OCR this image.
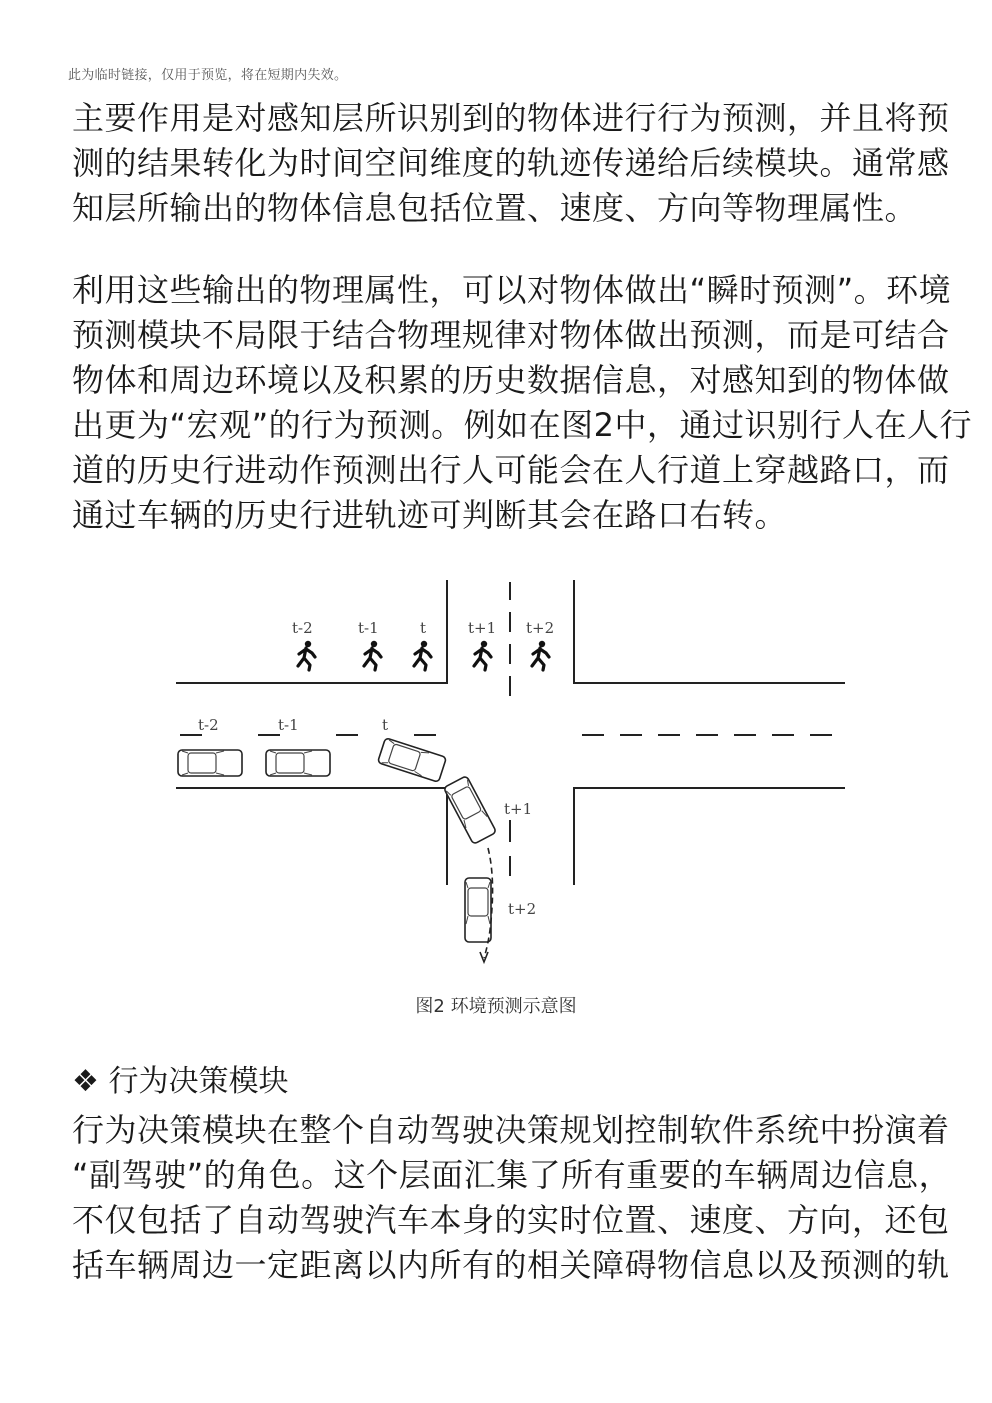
此为临时链接，仅用于预览，将在短期内失效。
主要作用是对感知层所识别到的物体进行行为预测，并且将预
测的结果转化为时间空间维度的轨迹传递给后续模块。通常感
知层所输出的物体信息包括位置、速度、方向等物理属性。
利用这些输出的物理属性，可以对物体做出“瞬时预测”。环境
预测模块不局限于结合物理规律对物体做出预测，而是可结合
物体和周边环境以及积累的历史数据信息，对感知到的物体做
出更为“宏观”的行为预测。例如在图2中，通过识别行人在人行
道的历史行进动作预测出行人可能会在人行道上穿越路口，而
通过车辆的历史行进轨迹可判断其会在路口右转。
t-2	t-1	t	t+1 t+2
t-2	t-1	t
t+1
t+2
图2 环境预测示意图
❖ 行为决策模块
行为决策模块在整个自动驾驶决策规划控制软件系统中扮演着
“副驾驶”的角色。这个层面汇集了所有重要的车辆周边信息，
不仅包括了自动驾驶汽车本身的实时位置、速度、方向，还包
括车辆周边一定距离以内所有的相关障碍物信息以及预测的轨
